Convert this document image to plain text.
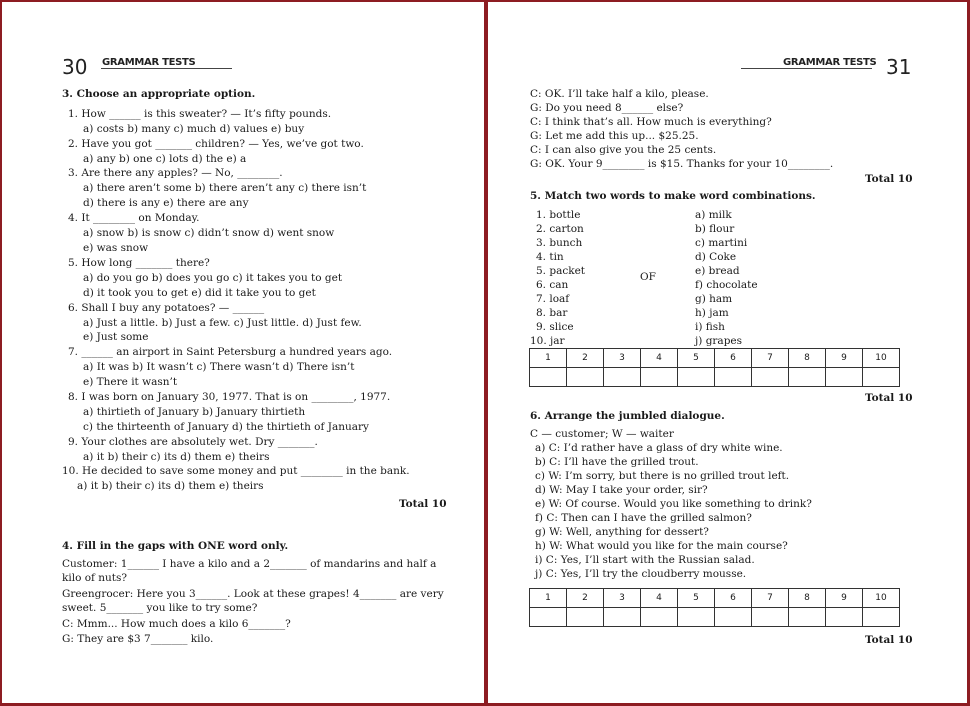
30 GRAMMAR TESTS
3. Choose an appropriate option.
1. How ______ is this sweater? — It’s fifty pounds.
a) costs b) many c) much d) values e) buy
2. Have you got _______ children? — Yes, we’ve got two.
a) any b) one c) lots d) the e) a
3. Are there any apples? — No, ________.
a) there aren’t some b) there aren’t any c) there isn’t
d) there is any e) there are any
4. It ________ on Monday.
a) snow b) is snow c) didn’t snow d) went snow
e) was snow
5. How long _______ there?
a) do you go b) does you go c) it takes you to get
d) it took you to get e) did it take you to get
6. Shall I buy any potatoes? — ______
a) Just a little. b) Just a few. c) Just little. d) Just few.
e) Just some
7. ______ an airport in Saint Petersburg a hundred years ago.
a) It was b) It wasn’t c) There wasn’t d) There isn’t
e) There it wasn’t
8. I was born on January 30, 1977. That is on ________, 1977.
a) thirtieth of January b) January thirtieth
c) the thirteenth of January d) the thirtieth of January
9. Your clothes are absolutely wet. Dry _______.
a) it b) their c) its d) them e) theirs
10. He decided to save some money and put ________ in the bank.
a) it b) their c) its d) them e) theirs
Total 10
4. Fill in the gaps with ONE word only.
Customer: 1______ I have a kilo and a 2_______ of mandarins and half a
kilo of nuts?
Greengrocer: Here you 3______. Look at these grapes! 4_______ are very
sweet. 5_______ you like to try some?
C: Mmm... How much does a kilo 6_______?
G: They are $3 7_______ kilo.
GRAMMAR TESTS 31
C: OK. I’ll take half a kilo, please.
G: Do you need 8______ else?
C: I think that’s all. How much is everything?
G: Let me add this up... $25.25.
C: I can also give you the 25 cents.
G: OK. Your 9________ is $15. Thanks for your 10________.
Total 10
5. Match two words to make word combinations.
1. bottle
2. carton
3. bunch
4. tin
5. packet
6. can
7. loaf
8. bar
9. slice
10. jar
OF
a) milk
b) flour
c) martini
d) Coke
e) bread
f) chocolate
g) ham
h) jam
i) fish
j) grapes
1	2	3	4	5	6	7	8	9	10

Total 10
6. Arrange the jumbled dialogue.
C — customer; W — waiter
a) C: I’d rather have a glass of dry white wine.
b) C: I’ll have the grilled trout.
c) W: I’m sorry, but there is no grilled trout left.
d) W: May I take your order, sir?
e) W: Of course. Would you like something to drink?
f) C: Then can I have the grilled salmon?
g) W: Well, anything for dessert?
h) W: What would you like for the main course?
i) C: Yes, I’ll start with the Russian salad.
j) C: Yes, I’ll try the cloudberry mousse.
1	2	3	4	5	6	7	8	9	10

Total 10
